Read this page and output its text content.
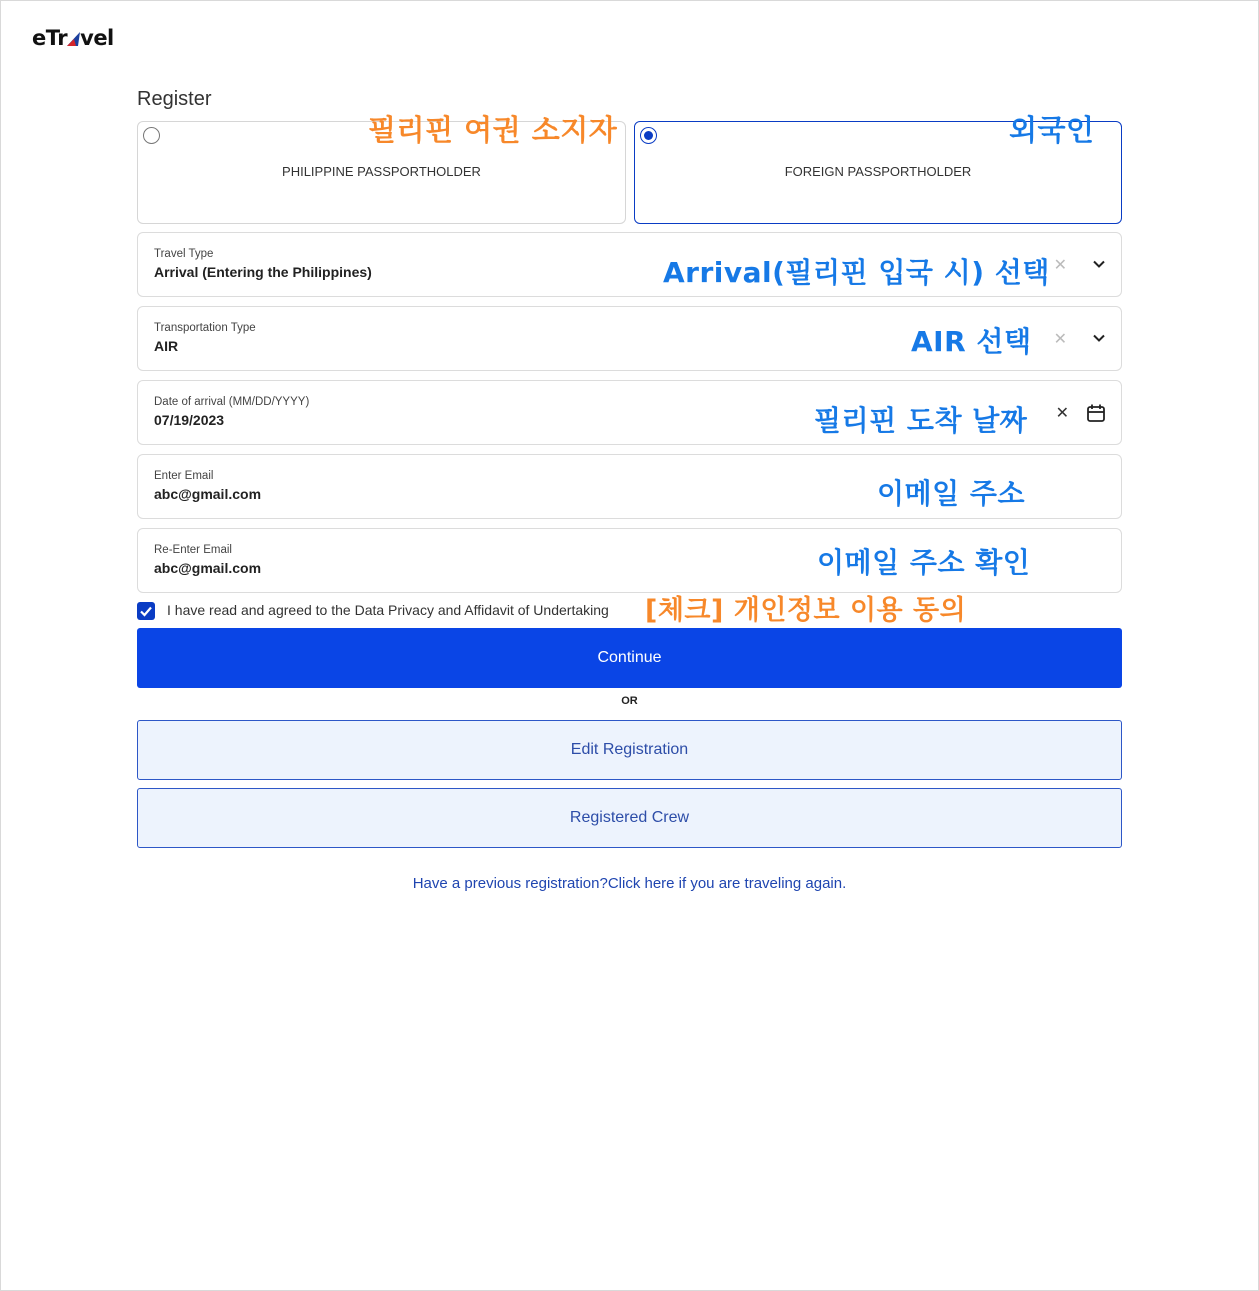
eTr vel
Register
PHILIPPINE PASSPORTHOLDER	FOREIGN PASSPORTHOLDER
필리핀 여권 소지자	외국인
Travel Type
Arrival (Entering the Philippines)	✕
Arrival(필리핀 입국 시) 선택
Transportation Type
AIR	✕
AIR 선택
Date of arrival (MM/DD/YYYY)
07/19/2023	✕
필리핀 도착 날짜
Enter Email
abc@gmail.com	이메일 주소
Re-Enter Email
abc@gmail.com	이메일 주소 확인
I have read and agreed to the Data Privacy and Affidavit of Undertaking [체크] 개인정보 이용 동의
Continue
OR
Edit Registration
Registered Crew
Have a previous registration?Click here if you are traveling again.
